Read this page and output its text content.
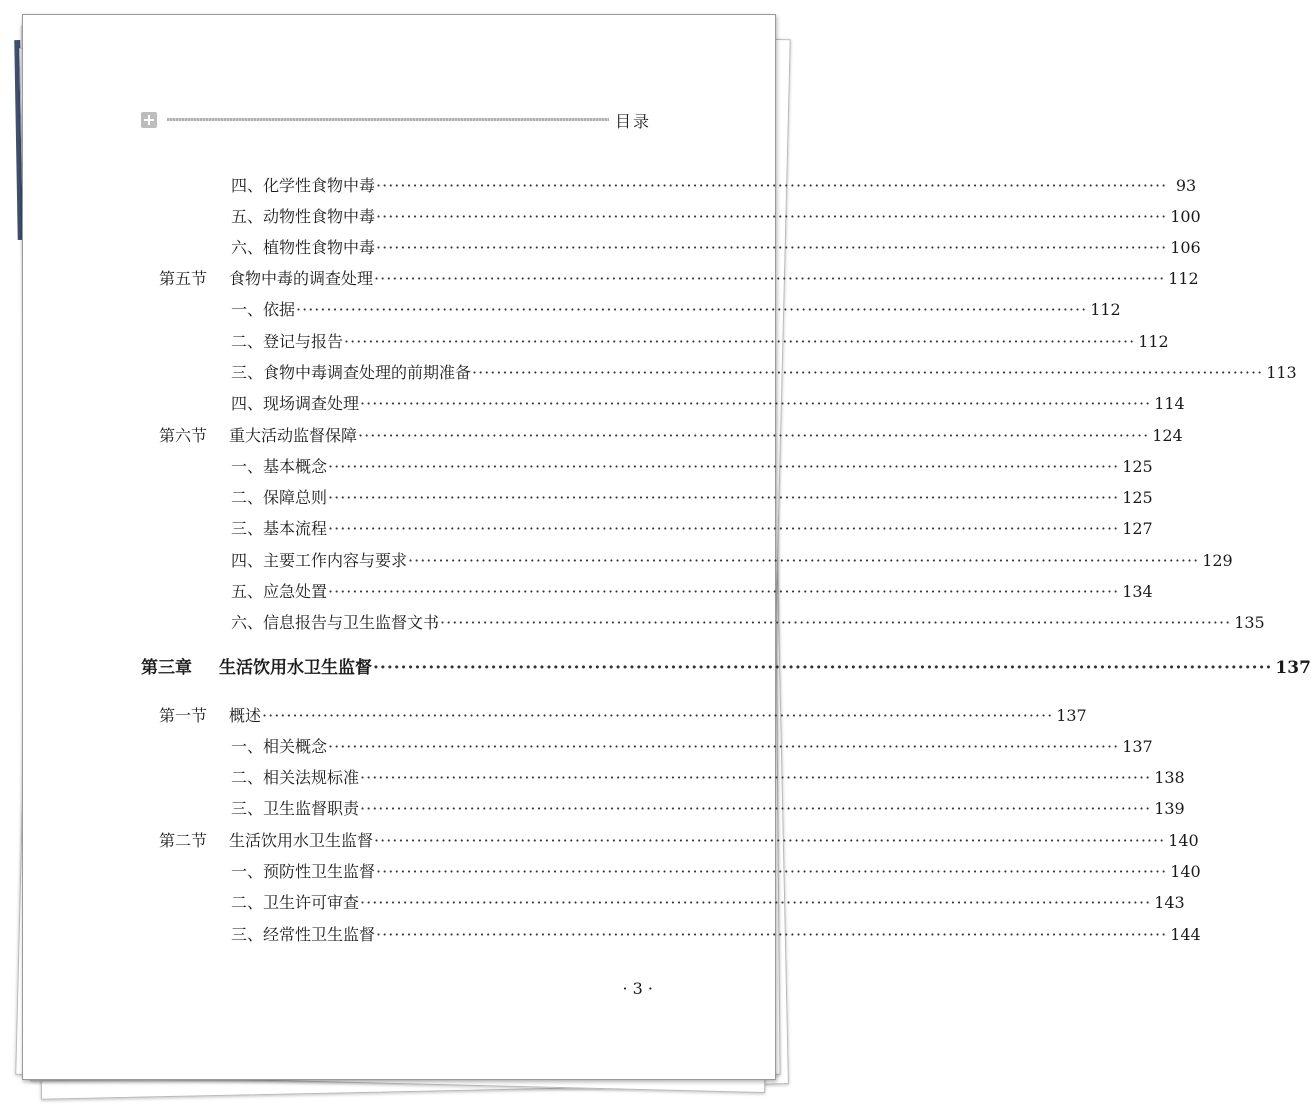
目录
四、化学性食物中毒 ·································································································································· 93
五、动物性食物中毒 ·································································································································· 100
六、植物性食物中毒 ·································································································································· 106
第五节	食物中毒的调查处理 ·································································································································· 112
一、依据 ·································································································································· 112
二、登记与报告 ·································································································································· 112
三、食物中毒调查处理的前期准备 ·································································································································· 113
四、现场调查处理 ·································································································································· 114
第六节	重大活动监督保障 ·································································································································· 124
一、基本概念 ·································································································································· 125
二、保障总则 ·································································································································· 125
三、基本流程 ·································································································································· 127
四、主要工作内容与要求 ·································································································································· 129
五、应急处置 ·································································································································· 134
六、信息报告与卫生监督文书 ·································································································································· 135
第三章	生活饮用水卫生监督 ·································································································································· 137
第一节	概述 ·································································································································· 137
一、相关概念 ·································································································································· 137
二、相关法规标准 ·································································································································· 138
三、卫生监督职责 ·································································································································· 139
第二节	生活饮用水卫生监督 ·································································································································· 140
一、预防性卫生监督 ·································································································································· 140
二、卫生许可审查 ·································································································································· 143
三、经常性卫生监督 ·································································································································· 144
· 3 ·
